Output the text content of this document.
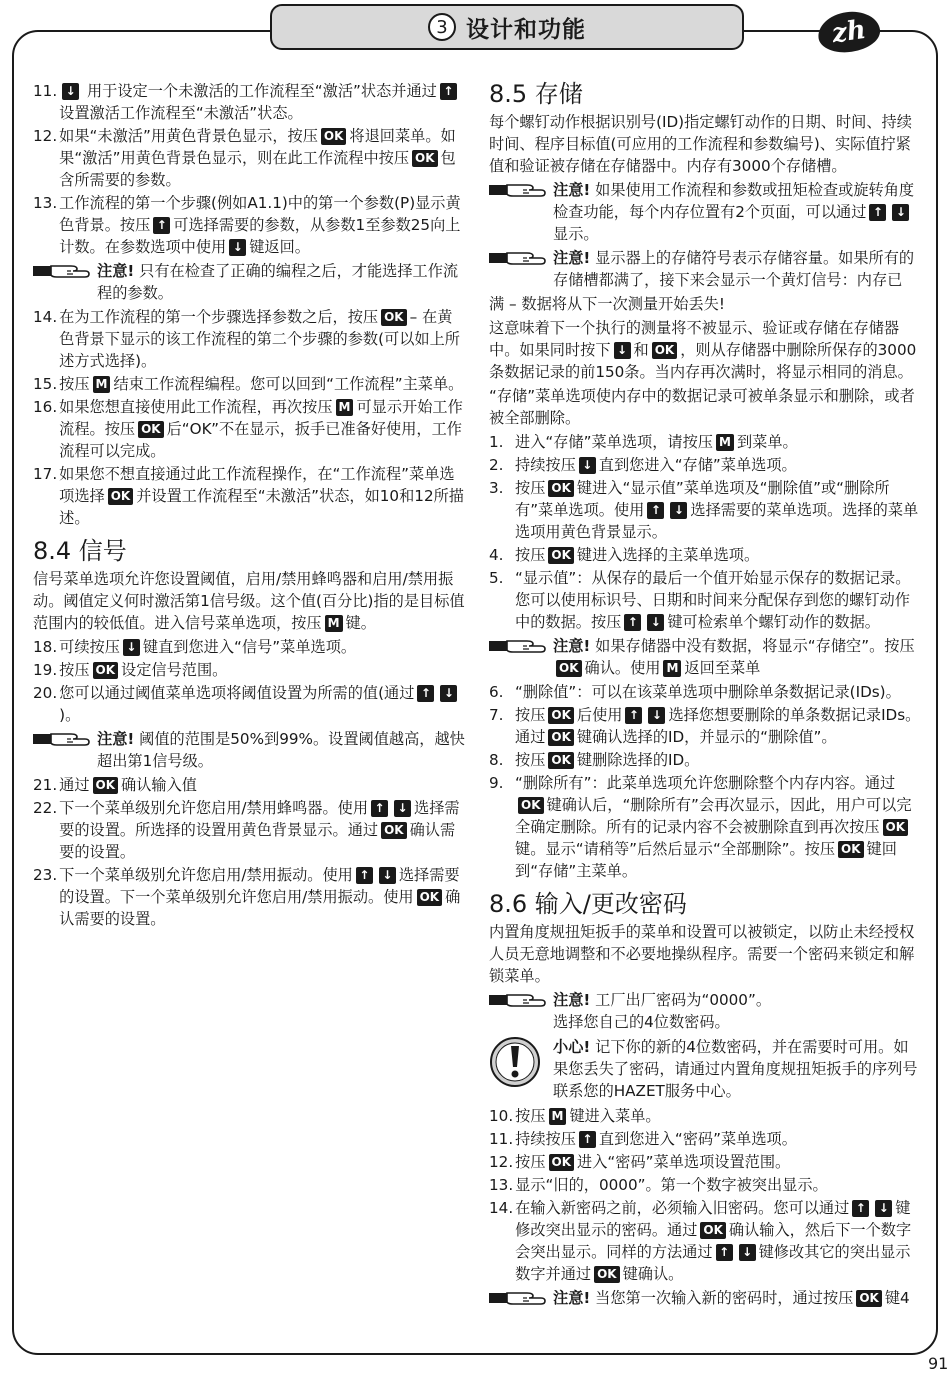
3 设计和功能	zh
11. ↓ 用于设定一个未激活的工作流程至“激活”状态并通过 ↑设置激活工作流程至“未激活”状态。
12. 如果“未激活”用黄色背景色显示，按压 OK 将退回菜单。如果“激活”用黄色背景色显示，则在此工作流程中按压 OK 包含所需要的参数。
13. 工作流程的第一个步骤(例如A1.1)中的第一个参数(P)显示黄色背景。按压 ↑ 可选择需要的参数，从参数1至参数25向上计数。在参数选项中使用 ↓ 键返回。
注意! 只有在检查了正确的编程之后，才能选择工作流程的参数。
14. 在为工作流程的第一个步骤选择参数之后，按压 OK – 在黄色背景下显示的该工作流程的第二个步骤的参数(可以如上所述方式选择)。
15. 按压 M 结束工作流程编程。您可以回到“工作流程”主菜单。
16. 如果您想直接使用此工作流程，再次按压 M 可显示开始工作流程。按压 OK 后“OK”不在显示，扳手已准备好使用，工作流程可以完成。
17. 如果您不想直接通过此工作流程操作，在“工作流程”菜单选项选择 OK 并设置工作流程至“未激活”状态，如10和12所描述。
8.4 信号
信号菜单选项允许您设置阈值，启用/禁用蜂鸣器和启用/禁用振动。阈值定义何时激活第1信号级。这个值(百分比)指的是目标值范围内的较低值。进入信号菜单选项，按压 M 键。
18. 可续按压 ↓ 键直到您进入“信号”菜单选项。
19. 按压 OK 设定信号范围。
20. 您可以通过阈值菜单选项将阈值设置为所需的值(通过 ↑ ↓)。
注意! 阈值的范围是50%到99%。设置阈值越高，越快超出第1信号级。
21. 通过 OK 确认输入值
22. 下一个菜单级别允许您启用/禁用蜂鸣器。使用 ↑ ↓ 选择需要的设置。所选择的设置用黄色背景显示。通过 OK 确认需要的设置。
23. 下一个菜单级别允许您启用/禁用振动。使用 ↑ ↓ 选择需要的设置。下一个菜单级别允许您启用/禁用振动。使用 OK 确认需要的设置。
8.5 存储
每个螺钉动作根据识别号(ID)指定螺钉动作的日期、时间、持续时间、程序目标值(可应用的工作流程和参数编号)、实际值拧紧值和验证被存储在存储器中。内存有3000个存储槽。
注意! 如果使用工作流程和参数或扭矩检查或旋转角度检查功能，每个内存位置有2个页面，可以通过 ↑ ↓显示。
注意! 显示器上的存储符号表示存储容量。如果所有的存储槽都满了，接下来会显示一个黄灯信号：内存已
满 – 数据将从下一次测量开始丢失!
这意味着下一个执行的测量将不被显示、验证或存储在存储器中。如果同时按下 ↓ 和 OK ，则从存储器中删除所保存的3000条数据记录的前150条。当内存再次满时，将显示相同的消息。
“存储”菜单选项使内存中的数据记录可被单条显示和删除，或者被全部删除。
1. 进入“存储”菜单选项，请按压 M 到菜单。
2. 持续按压 ↓ 直到您进入“存储”菜单选项。
3. 按压 OK 键进入“显示值”菜单选项及“删除值”或“删除所有”菜单选项。使用 ↑ ↓ 选择需要的菜单选项。选择的菜单选项用黄色背景显示。
4. 按压 OK 键进入选择的主菜单选项。
5. “显示值”：从保存的最后一个值开始显示保存的数据记录。您可以使用标识号、日期和时间来分配保存到您的螺钉动作中的数据。按压 ↑ ↓ 键可检索单个螺钉动作的数据。
注意! 如果存储器中没有数据，将显示“存储空”。按压OK 确认。使用 M 返回至菜单
6. “删除值”：可以在该菜单选项中删除单条数据记录(IDs)。
7. 按压 OK 后使用 ↑ ↓ 选择您想要删除的单条数据记录IDs。通过 OK 键确认选择的ID，并显示的“删除值”。
8. 按压 OK 键删除选择的ID。
9. “删除所有”：此菜单选项允许您删除整个内存内容。通过OK 键确认后，“删除所有”会再次显示，因此，用户可以完全确定删除。所有的记录内容不会被删除直到再次按压 OK键。显示“请稍等”后然后显示“全部删除”。按压 OK 键回到“存储”主菜单。
8.6 输入/更改密码
内置角度规扭矩扳手的菜单和设置可以被锁定，以防止未经授权人员无意地调整和不必要地操纵程序。需要一个密码来锁定和解锁菜单。
注意! 工厂出厂密码为“0000”。
选择您自己的4位数密码。
小心! 记下你的新的4位数密码，并在需要时可用。如果您丢失了密码，请通过内置角度规扭矩扳手的序列号联系您的HAZET服务中心。
10. 按压 M 键进入菜单。
11. 持续按压 ↑ 直到您进入“密码”菜单选项。
12. 按压 OK 进入“密码”菜单选项设置范围。
13. 显示“旧的，0000”。第一个数字被突出显示。
14. 在输入新密码之前，必须输入旧密码。您可以通过 ↑ ↓ 键修改突出显示的密码。通过 OK 确认输入，然后下一个数字会突出显示。同样的方法通过 ↑ ↓ 键修改其它的突出显示数字并通过 OK 键确认。
注意! 当您第一次输入新的密码时，通过按压 OK 键4
91
